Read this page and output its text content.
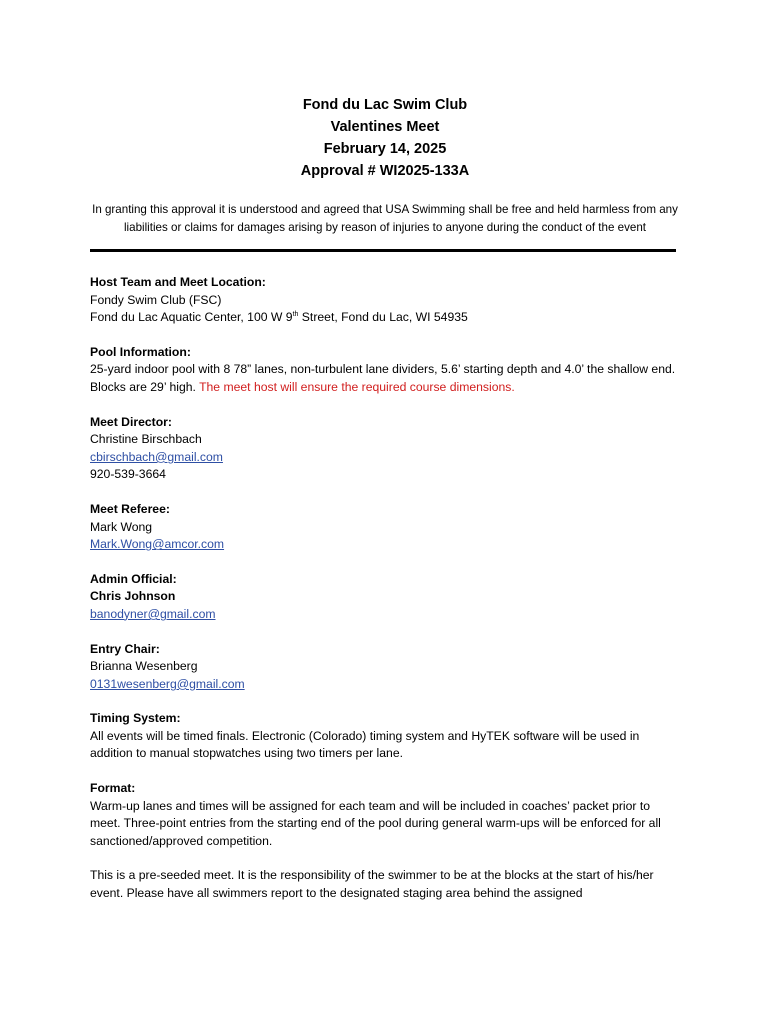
Fond du Lac Swim Club

Valentines Meet

February 14, 2025

Approval # WI2025-133A

In granting this approval it is understood and agreed that USA Swimming shall be free and held harmless from any liabilities or claims for damages arising by reason of injuries to anyone during the conduct of the event

Host Team and Meet Location:
Fondy Swim Club (FSC)
Fond du Lac Aquatic Center, 100 W 9th Street, Fond du Lac, WI 54935
Pool Information:
25-yard indoor pool with 8 78” lanes, non-turbulent lane dividers, 5.6’ starting depth and 4.0’ the shallow end. Blocks are 29’ high. The meet host will ensure the required course dimensions.
Meet Director:
Christine Birschbach
cbirschbach@gmail.com
920-539-3664
Meet Referee:
Mark Wong
Mark.Wong@amcor.com
Admin Official:
Chris Johnson
banodyner@gmail.com
Entry Chair:
Brianna Wesenberg
0131wesenberg@gmail.com
Timing System:
All events will be timed finals. Electronic (Colorado) timing system and HyTEK software will be used in addition to manual stopwatches using two timers per lane.
Format:
Warm-up lanes and times will be assigned for each team and will be included in coaches’ packet prior to meet. Three-point entries from the starting end of the pool during general warm-ups will be enforced for all sanctioned/approved competition.
This is a pre-seeded meet. It is the responsibility of the swimmer to be at the blocks at the start of his/her event. Please have all swimmers report to the designated staging area behind the assigned
